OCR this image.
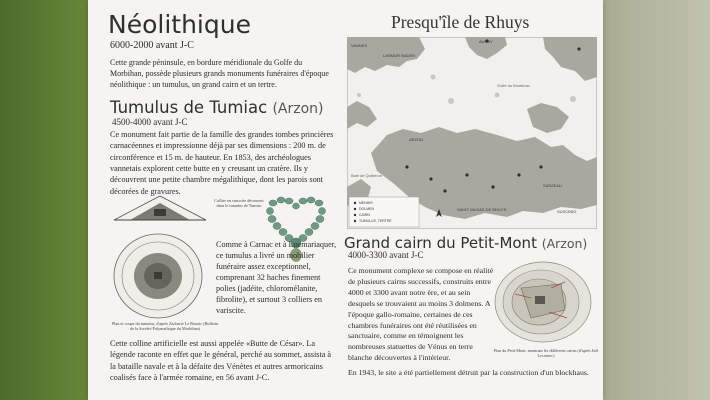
Néolithique
6000-2000 avant J-C
Cette grande péninsule, en bordure méridionale du Golfe du Morbihan, possède plusieurs grands monuments funéraires d'époque néolithique : un tumulus, un grand cairn et un tertre.
Tumulus de Tumiac (Arzon)
4500-4000 avant J-C
Ce monument fait partie de la famille des grandes tombes princières carnacéennes et impressionne déjà par ses dimensions : 200 m. de circonférence et 15 m. de hauteur. En 1853, des archéologues vannetais explorent cette butte en y creusant un cratère. Ils y découvrent une petite chambre mégalithique, dont les parois sont décorées de gravures.
Plan et coupe du tumulus, d'après Zacharie Le Rouzic (Bulletin de la Société Polymathique du Morbihan)
Collier en variscite découvert dans le tumulus de Tumiac
Comme à Carnac et à Locmariaquer, ce tumulus a livré un mobilier funéraire assez exceptionnel, comprenant 32 haches finement polies (jadéite, chloromélanite, fibrolite), et surtout 3 colliers en variscite.
Cette colline artificielle est aussi appelée «Butte de César». La légende raconte en effet que le général, perché au sommet, assista à la bataille navale et à la défaite des Vénètes et autres armoricains coalisés face à l'armée romaine, en 56 avant J-C.
Presqu'île de Rhuys
VANNES
LARMOR BADEN
SARZEAU
ARZON
Golfe du Morbihan
Baie de Quiberon
SAINT-GILDAS DE RHUYS
AURAY
SUSCINIO
MENHIR
DOLMEN
CAIRN
TUMULUS, TERTRE
Grand cairn du Petit-Mont (Arzon)
4000-3300 avant J-C
Ce monument complexe se compose en réalité de plusieurs cairns successifs, construits entre 4000 et 3300 avant notre ère, et au sein desquels se trouvaient au moins 3 dolmens. A l'époque gallo-romaine, certaines de ces chambres funéraires ont été réutilisées en sanctuaire, comme en témoignent les nombreuses statuettes de Vénus en terre blanche découvertes à l'intérieur.
Plan du Petit-Mont, montrant les différents cairns (d'après Joël Lecornec)
En 1943, le site a été partiellement détruit par la construction d'un blockhaus.
